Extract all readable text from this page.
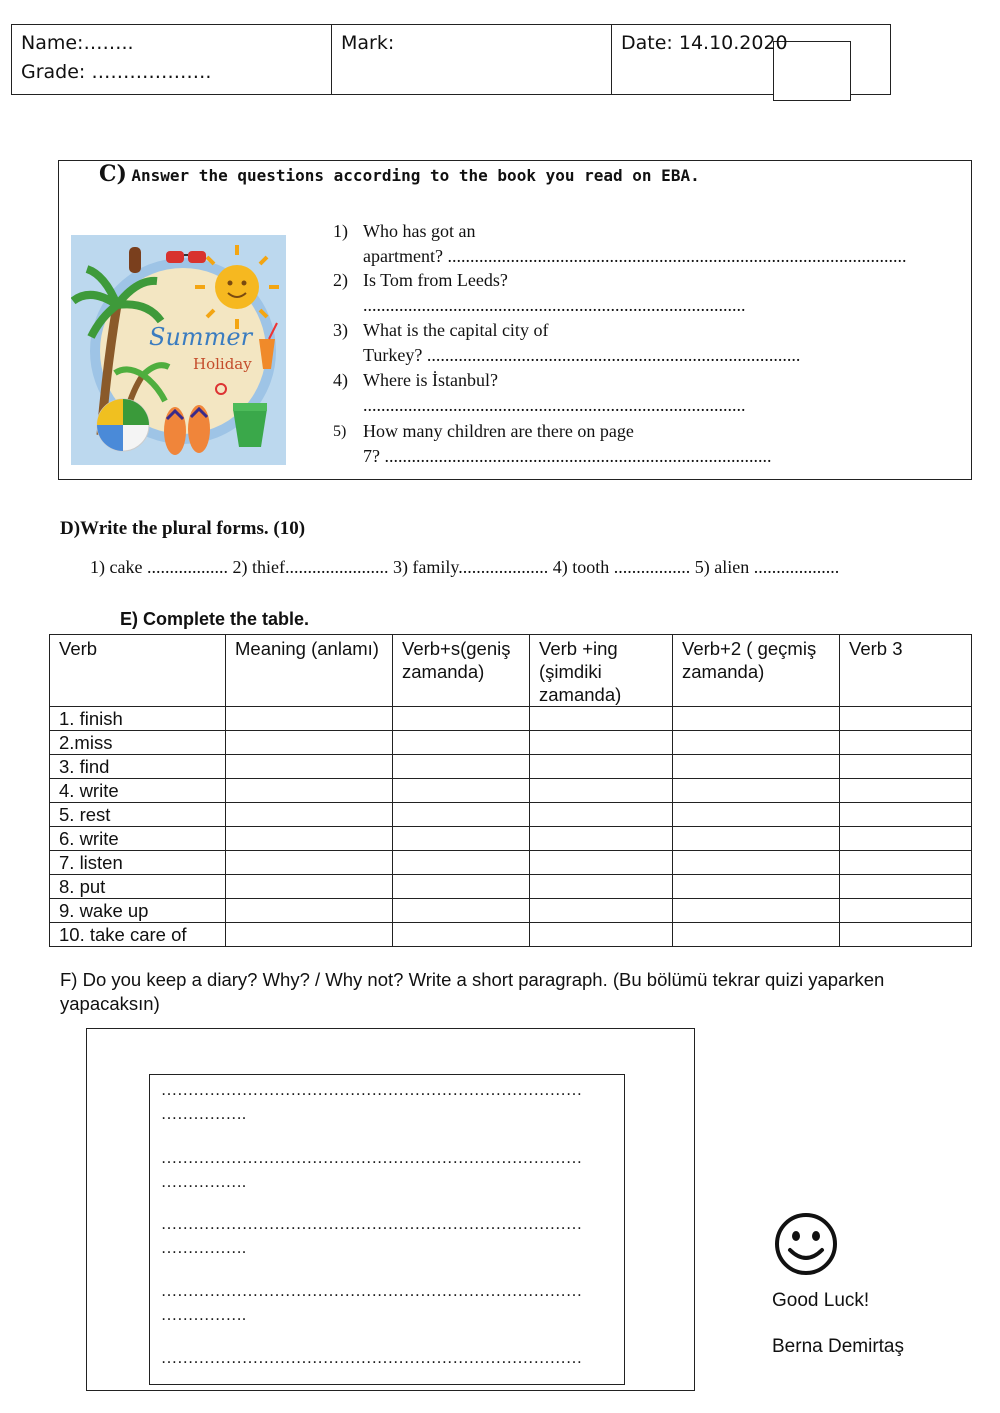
Name:……..
Grade: ……………….
Mark:	Date: 14.10.2020
C) Answer the questions according to the book you read on EBA.
Summer
Holiday
1) Who has got an
apartment? ......................................................................................................
2) Is Tom from Leeds?
.....................................................................................
3) What is the capital city of
Turkey? ...................................................................................
4) Where is İstanbul?
.....................................................................................
5) How many children are there on page
7? ......................................................................................
D)Write the plural forms. (10)
1) cake .................. 2) thief....................... 3) family.................... 4) tooth ................. 5) alien ...................
E) Complete the table.
Verb	Meaning (anlamı)	Verb+s(geniş zamanda)	Verb +ing (şimdiki zamanda)	Verb+2 ( geçmiş zamanda)	Verb 3
1. finish					
2.miss					
3. find					
4. write					
5. rest					
6. write					
7. listen					
8. put					
9. wake up					
10. take care of					
F) Do you keep a diary? Why? / Why not? Write a short paragraph. (Bu bölümü tekrar quizi yaparken yapacaksın)
……………………………………………………………………
…………….
……………………………………………………………………
…………….
……………………………………………………………………
…………….
……………………………………………………………………
…………….
……………………………………………………………………
Good Luck!
Berna Demirtaş
